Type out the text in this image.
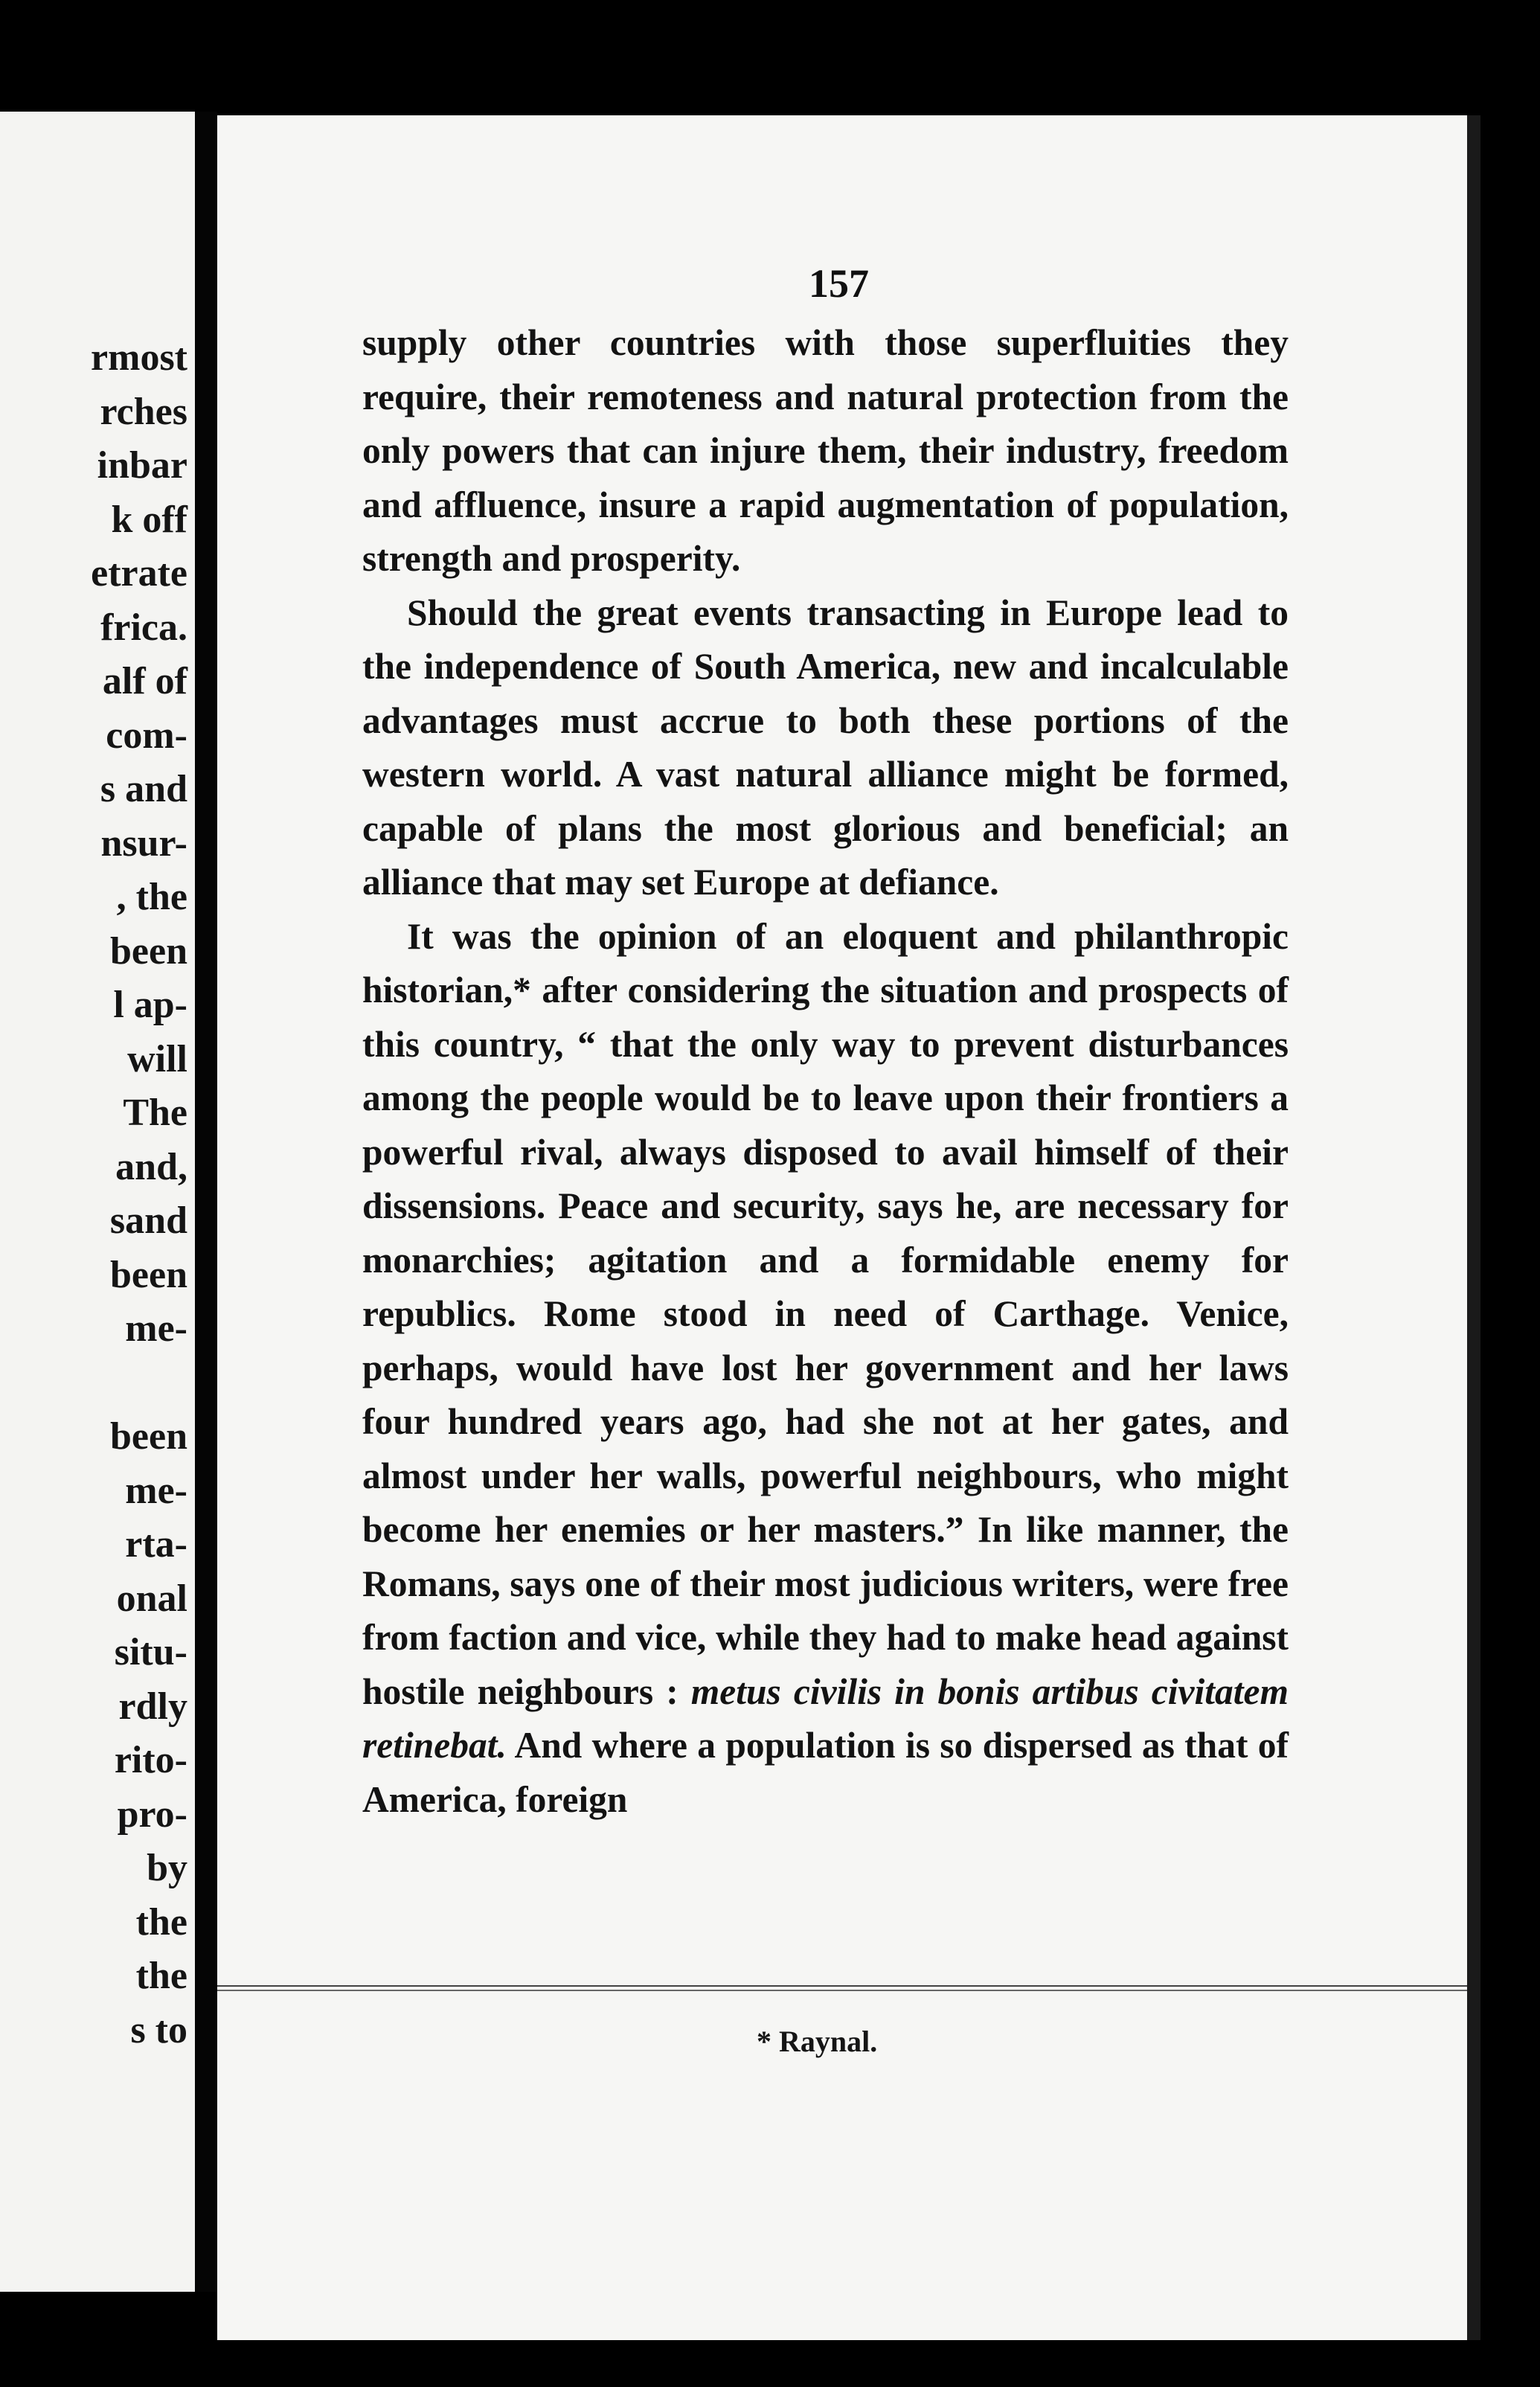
rmost
rches
inbar
k off
etrate
frica.
alf of
com-
s and
nsur-
, the
been
l ap-
will
The
and,
sand
been
me-
been
me-
rta-
onal
situ-
rdly
rito-
pro-
by
the
the
s to
157

supply other countries with those superfluities they require, their remoteness and natural protection from the only powers that can injure them, their industry, freedom and affluence, insure a rapid augmentation of population, strength and prosperity.

Should the great events transacting in Europe lead to the independence of South America, new and incalculable advantages must accrue to both these portions of the western world. A vast natural alliance might be formed, capable of plans the most glorious and beneficial; an alliance that may set Europe at defiance.

It was the opinion of an eloquent and philanthropic historian,* after considering the situation and prospects of this country, “ that the only way to prevent disturbances among the people would be to leave upon their frontiers a powerful rival, always disposed to avail himself of their dissensions. Peace and security, says he, are necessary for monarchies; agitation and a formidable enemy for republics. Rome stood in need of Carthage. Venice, perhaps, would have lost her government and her laws four hundred years ago, had she not at her gates, and almost under her walls, powerful neighbours, who might become her enemies or her masters.” In like manner, the Romans, says one of their most judicious writers, were free from faction and vice, while they had to make head against hostile neighbours : metus civilis in bonis artibus civitatem retinebat. And where a population is so dispersed as that of America, foreign

* Raynal.
